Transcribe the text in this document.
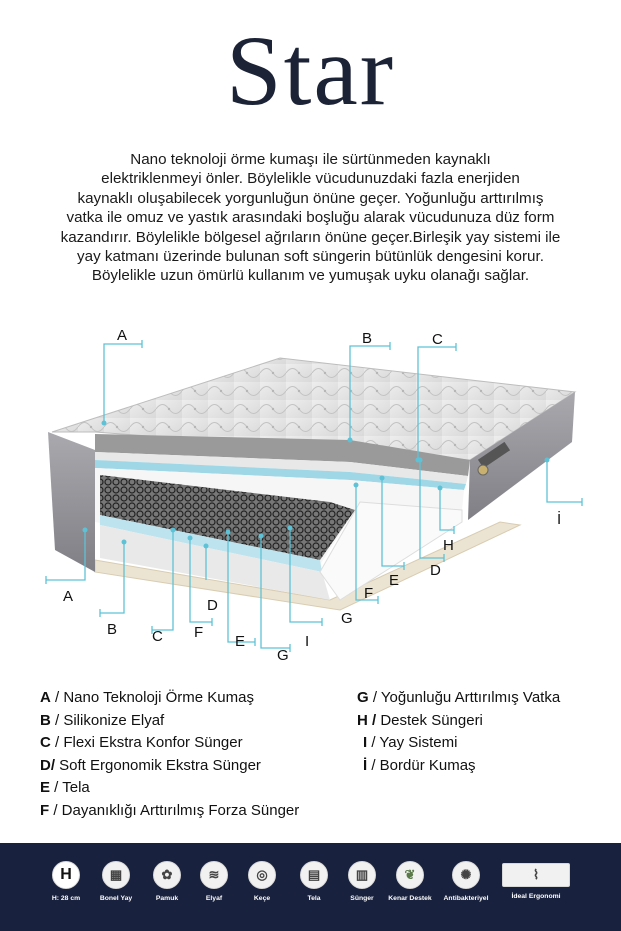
Star
Nano teknoloji örme kumaşı ile sürtünmeden kaynaklı
elektriklenmeyi önler. Böylelikle vücudunuzdaki fazla enerjiden
kaynaklı oluşabilecek yorgunluğun önüne geçer. Yoğunluğu arttırılmış
vatka ile omuz ve yastık arasındaki boşluğu alarak vücudunuza düz form
kazandırır. Böylelikle bölgesel ağrıların önüne geçer.Birleşik yay sistemi ile
yay katmanı üzerinde bulunan soft süngerin bütünlük dengesini korur.
Böylelikle uzun ömürlü kullanım ve yumuşak uyku olanağı sağlar.
A	B	C
İ
H
D
E
F
G
A
B C F
D
E
G
I
A / Nano Teknoloji Örme Kumaş
B / Silikonize Elyaf
C / Flexi Ekstra Konfor Sünger
D/ Soft Ergonomik Ekstra Sünger
E / Tela
F / Dayanıklığı Arttırılmış Forza Sünger
G / Yoğunluğu Arttırılmış Vatka
H / Destek Süngeri
I / Yay Sistemi
İ / Bordür Kumaş
H
H: 28 cm
▦
Bonel Yay
✿
Pamuk
≋
Elyaf
◎
Keçe
▤
Tela
▥
Sünger
❦
Kenar Destek
✺
Antibakteriyel
⌇
İdeal Ergonomi
